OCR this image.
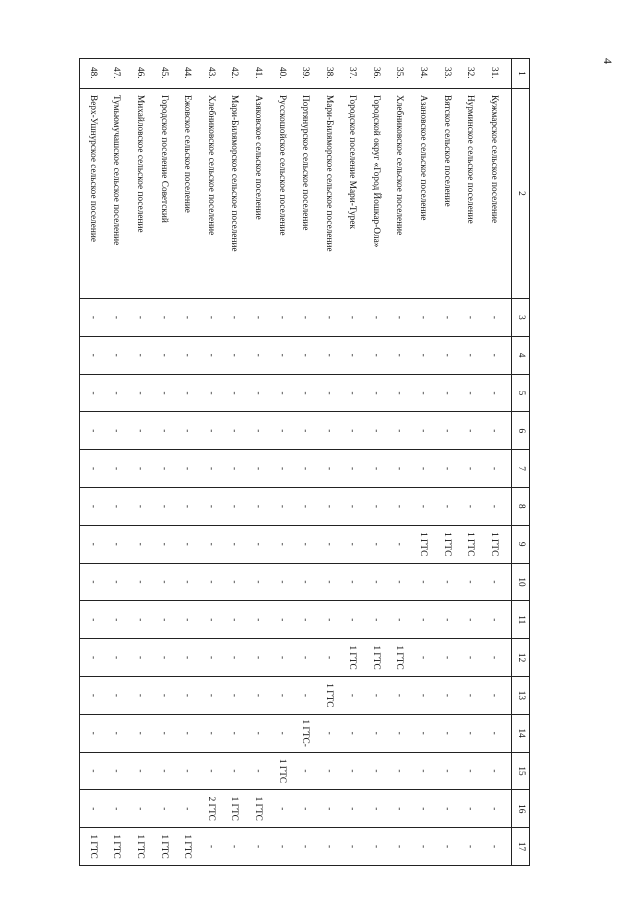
4
1	2	3	4	5	6	7	8	9	10	11	12	13	14	15	16	17
31.	Кужмарское сельское поселение	-	-	-	-	-	-	1 ГТС	-	-	-	-	-	-	-	-
32.	Нурминское сельское поселение	-	-	-	-	-	-	1 ГТС	-	-	-	-	-	-	-	-
33.	Вятское сельское поселение	-	-	-	-	-	-	1 ГТС	-	-	-	-	-	-	-	-
34.	Азановское сельское поселение	-	-	-	-	-	-	1 ГТС	-	-	-	-	-	-	-	-
35.	Хлебниковское сельское поселение	-	-	-	-	-	-	-	-	-	1 ГТС	-	-	-	-	-
36.	Городской округ «Город Йошкар-Ола»	-	-	-	-	-	-	-	-	-	1 ГТС	-	-	-	-	-
37.	Городское поселение Мари-Турек	-	-	-	-	-	-	-	-	-	1 ГТС	-	-	-	-	-
38.	Мари-Биляморское сельское поселение	-	-	-	-	-	-	-	-	-	-	1 ГТС	-	-	-	-
39.	Портянурское сельское поселение	-	-	-	-	-	-	-	-	-	-	-	1 ГТС-	-	-	-
40.	Русскошойское сельское поселение	-	-	-	-	-	-	-	-	-	-	-	-	1 ГТС	-	-
41.	Азяковское сельское поселение	-	-	-	-	-	-	-	-	-	-	-	-	-	1 ГТС	-
42.	Мари-Биляморское сельское поселение	-	-	-	-	-	-	-	-	-	-	-	-	-	1 ГТС	-
43.	Хлебниковское сельское поселение	-	-	-	-	-	-	-	-	-	-	-	-	-	2 ГТС	-
44.	Ежовское сельское поселение	-	-	-	-	-	-	-	-	-	-	-	-	-	-	1 ГТС
45.	Городское поселение Советский	-	-	-	-	-	-	-	-	-	-	-	-	-	-	1 ГТС
46.	Михайловское сельское поселение	-	-	-	-	-	-	-	-	-	-	-	-	-	-	1 ГТС
47.	Тумьюмучашское сельское поселение	-	-	-	-	-	-	-	-	-	-	-	-	-	-	1 ГТС
48.	Верх-Ушнурское сельское поселение	-	-	-	-	-	-	-	-	-	-	-	-	-	-	1 ГТС
